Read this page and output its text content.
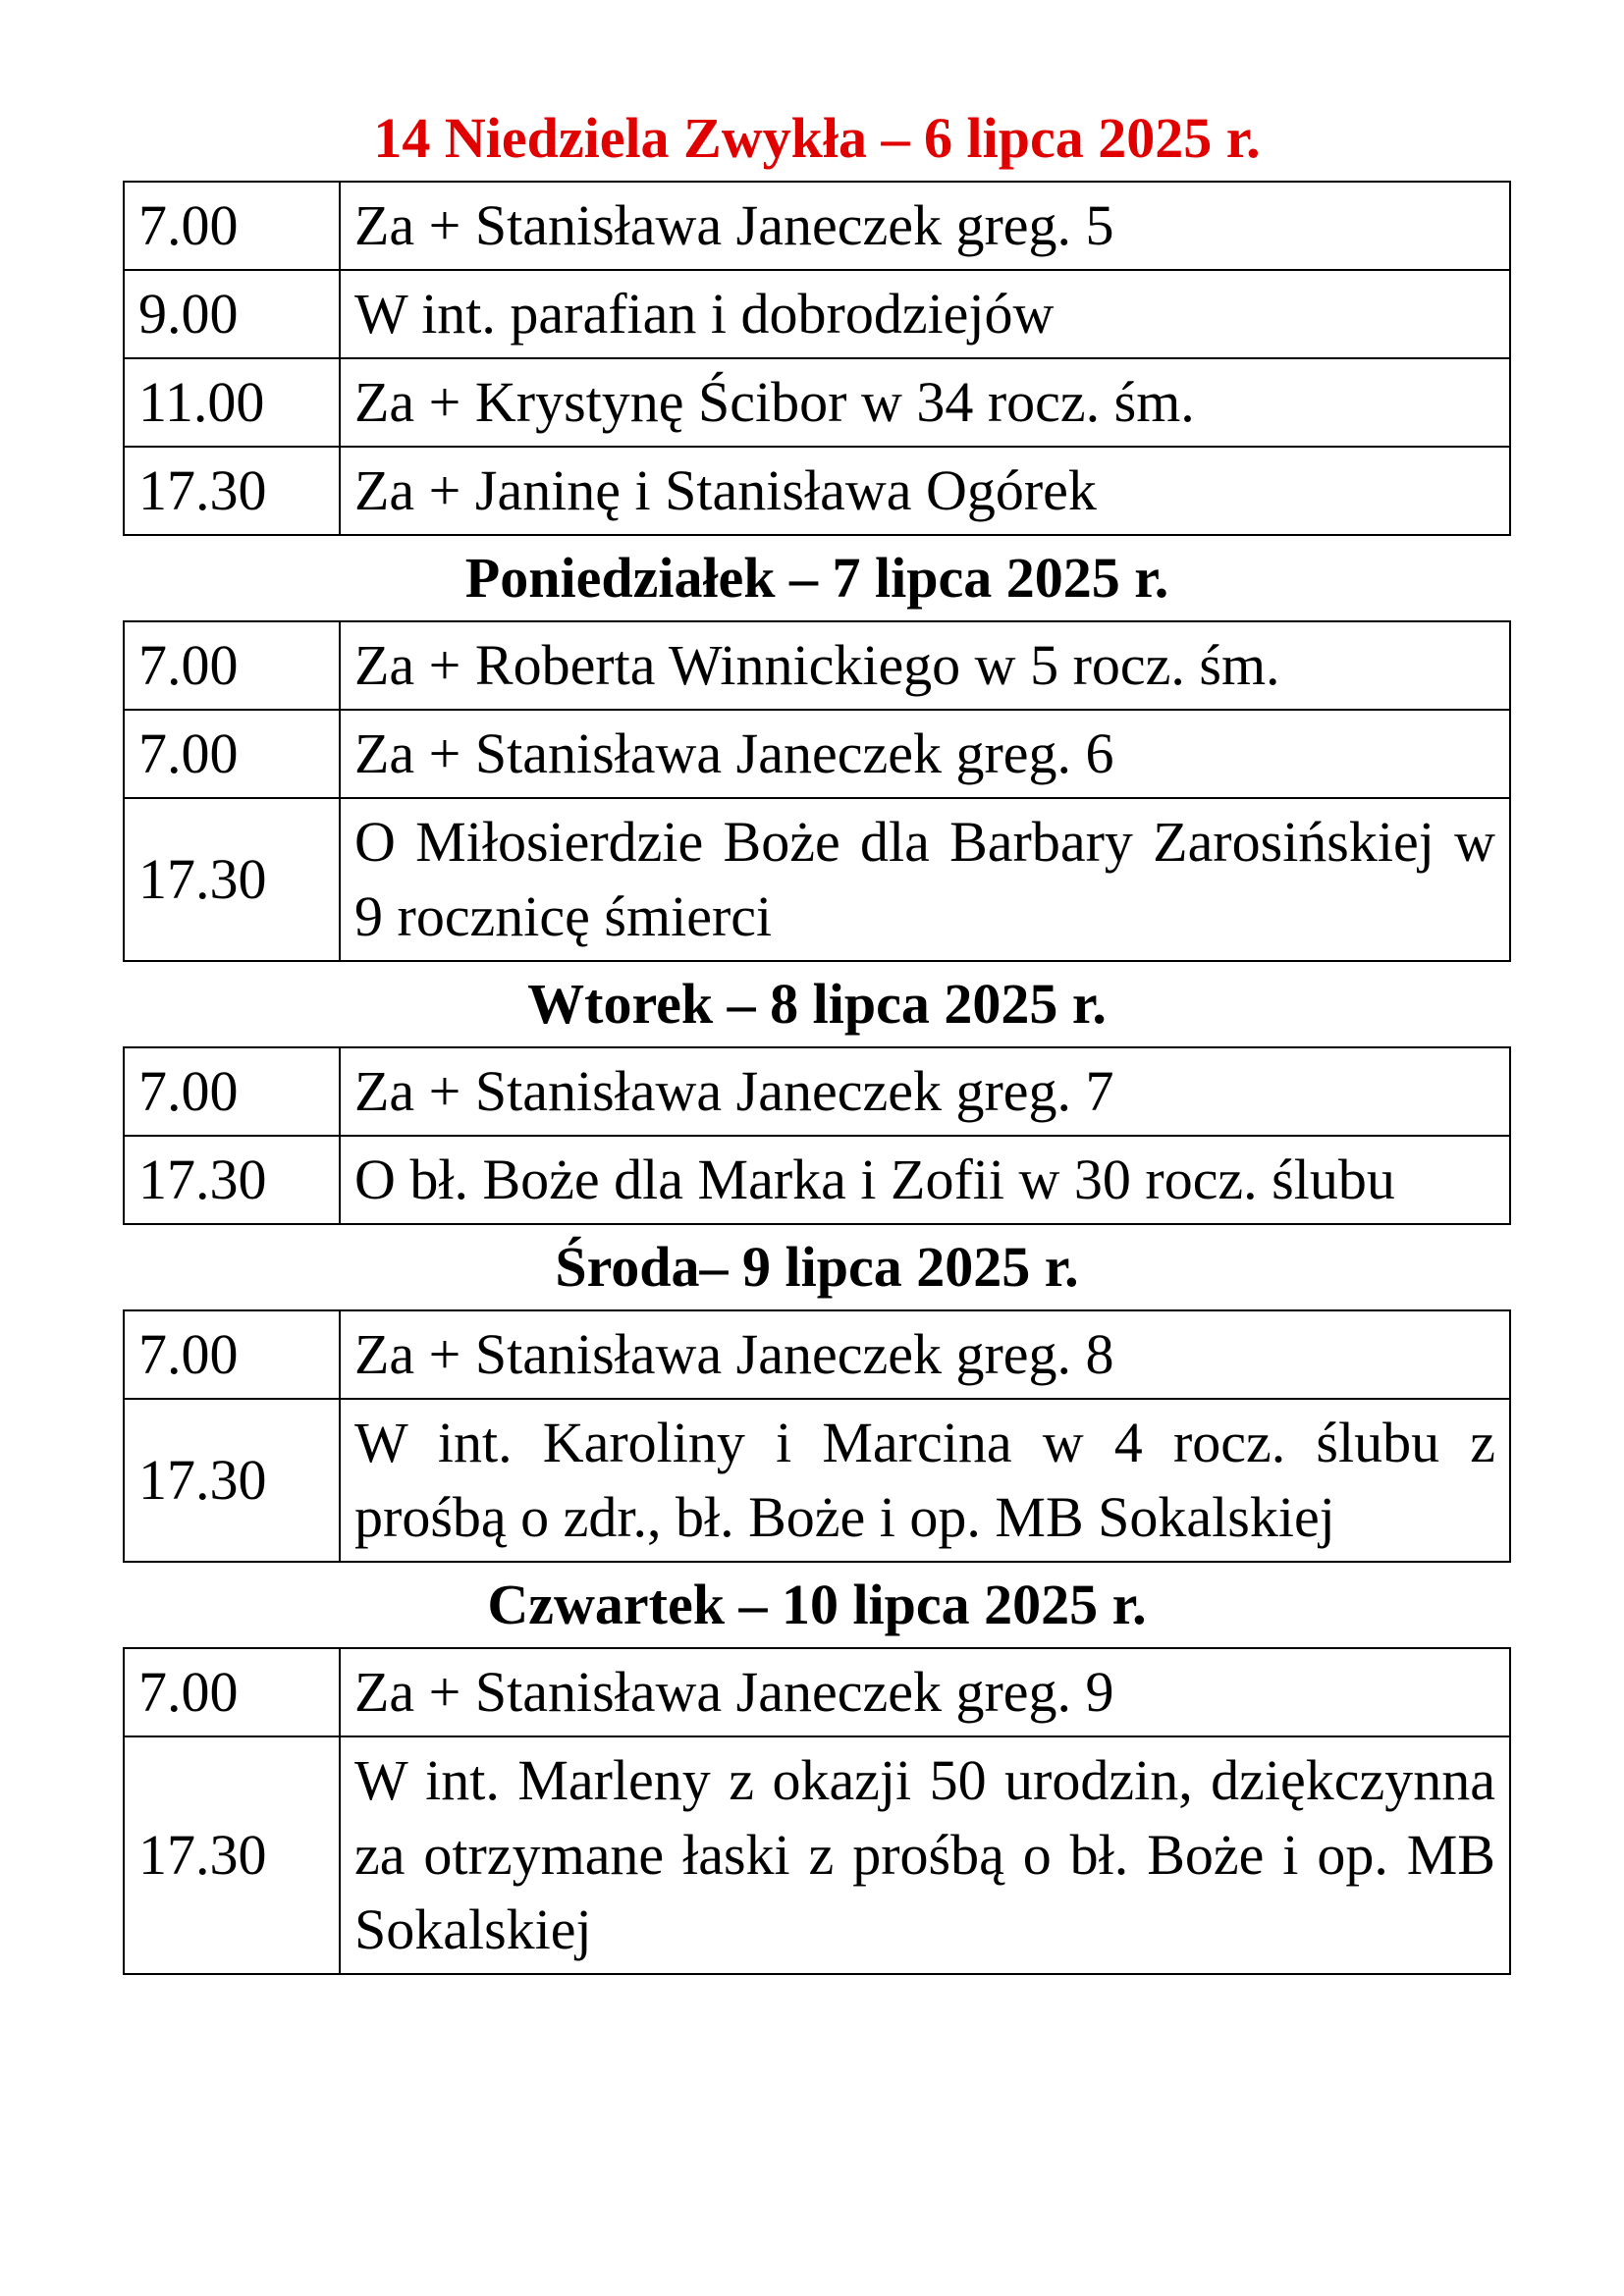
14 Niedziela Zwykła – 6 lipca 2025 r.
7.00	Za + Stanisława Janeczek greg. 5
9.00	W int. parafian i dobrodziejów
11.00	Za + Krystynę Ścibor w 34 rocz. śm.
17.30	Za + Janinę i Stanisława Ogórek
Poniedziałek – 7 lipca 2025 r.
7.00	Za + Roberta Winnickiego w 5 rocz. śm.
7.00	Za + Stanisława Janeczek greg. 6
17.30	O Miłosierdzie Boże dla Barbary Zarosińskiej w 9 rocznicę śmierci
Wtorek – 8 lipca 2025 r.
7.00	Za + Stanisława Janeczek greg. 7
17.30	O bł. Boże dla Marka i Zofii w 30 rocz. ślubu
Środa– 9 lipca 2025 r.
7.00	Za + Stanisława Janeczek greg. 8
17.30	W int. Karoliny i Marcina w 4 rocz. ślubu z prośbą o zdr., bł. Boże i op. MB Sokalskiej
Czwartek – 10 lipca 2025 r.
7.00	Za + Stanisława Janeczek greg. 9
17.30	W int. Marleny z okazji 50 urodzin, dziękczynna za otrzymane łaski z prośbą o bł. Boże i op. MB Sokalskiej
